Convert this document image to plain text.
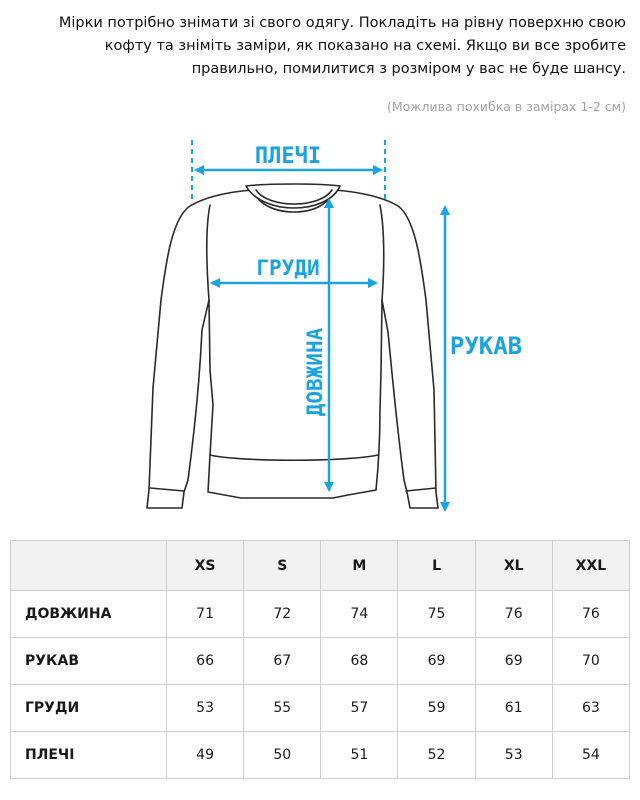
Мірки потрібно знімати зі свого одягу. Покладіть на рівну поверхню свою кофту та зніміть заміри, як показано на схемі. Якщо ви все зробите правильно, помилитися з розміром у вас не буде шансу.

(Можлива похибка в замірах 1-2 см)

ПЛЕЧІ
ГРУДИ
ДОВЖИНА	РУКАВ
	XS	S	M	L	XL	XXL
ДОВЖИНА	71	72	74	75	76	76
РУКАВ	66	67	68	69	69	70
ГРУДИ	53	55	57	59	61	63
ПЛЕЧІ	49	50	51	52	53	54
